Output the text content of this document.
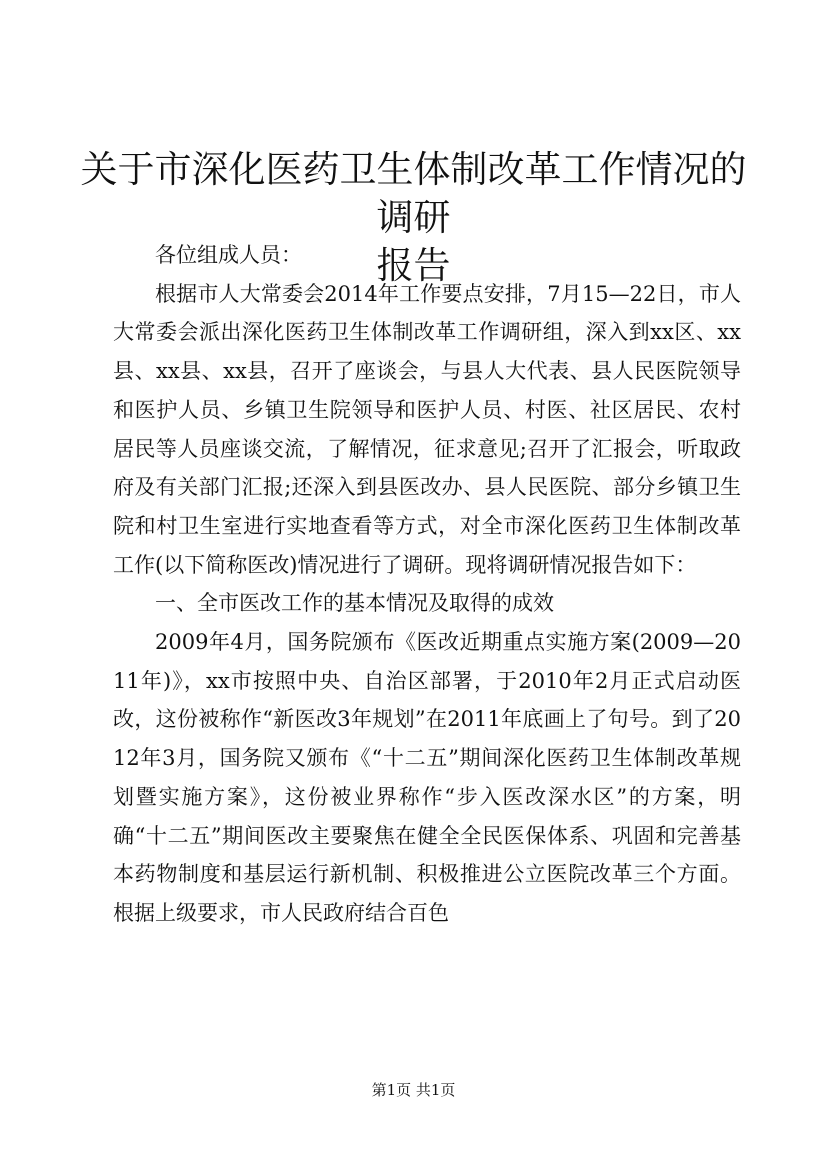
关于市深化医药卫生体制改革工作情况的调研
报告

各位组成人员：

根据市人大常委会2014年工作要点安排，7月15—22日，市人大常委会派出深化医药卫生体制改革工作调研组，深入到xx区、xx县、xx县、xx县，召开了座谈会，与县人大代表、县人民医院领导和医护人员、乡镇卫生院领导和医护人员、村医、社区居民、农村居民等人员座谈交流，了解情况，征求意见;召开了汇报会，听取政府及有关部门汇报;还深入到县医改办、县人民医院、部分乡镇卫生院和村卫生室进行实地查看等方式，对全市深化医药卫生体制改革工作(以下简称医改)情况进行了调研。现将调研情况报告如下：

一、全市医改工作的基本情况及取得的成效

2009年4月，国务院颁布《医改近期重点实施方案(2009—2011年)》，xx市按照中央、自治区部署，于2010年2月正式启动医改，这份被称作“新医改3年规划”在2011年底画上了句号。到了2012年3月，国务院又颁布《“十二五”期间深化医药卫生体制改革规划暨实施方案》，这份被业界称作“步入医改深水区”的方案，明确“十二五”期间医改主要聚焦在健全全民医保体系、巩固和完善基本药物制度和基层运行新机制、积极推进公立医院改革三个方面。根据上级要求，市人民政府结合百色

第1页 共1页
